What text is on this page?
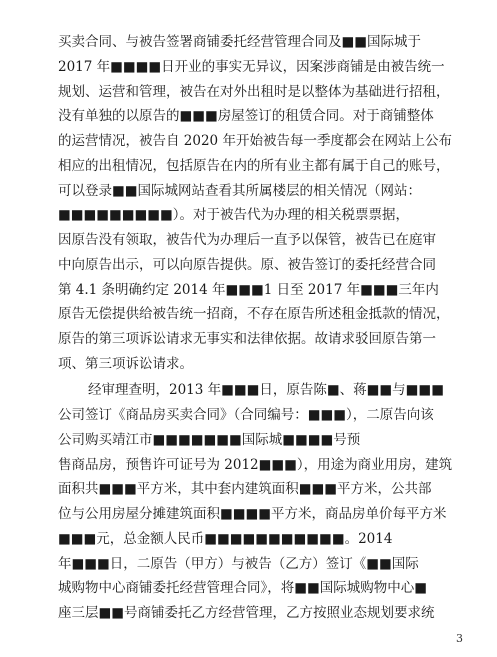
买卖合同、与被告签署商铺委托经营管理合同及■■国际城于
2017 年■■■■日开业的事实无异议，因案涉商铺是由被告统一
规划、运营和管理，被告在对外出租时是以整体为基础进行招租，
没有单独的以原告的■■■房屋签订的租赁合同。对于商铺整体
的运营情况，被告自 2020 年开始被告每一季度都会在网站上公布
相应的出租情况，包括原告在内的所有业主都有属于自己的账号，
可以登录■■国际城网站查看其所属楼层的相关情况（网站：
■■■■■■■■■）。对于被告代为办理的相关税票票据，
因原告没有领取，被告代为办理后一直予以保管，被告已在庭审
中向原告出示，可以向原告提供。原、被告签订的委托经营合同
第 4.1 条明确约定 2014 年■■■1 日至 2017 年■■■三年内
原告无偿提供给被告统一招商，不存在原告所述租金抵款的情况，
原告的第三项诉讼请求无事实和法律依据。故请求驳回原告第一
项、第三项诉讼请求。
经审理查明，2013 年■■■日，原告陈■、蒋■■与■■■
公司签订《商品房买卖合同》（合同编号：■■■），二原告向该
公司购买靖江市■■■■■■■国际城■■■■号预
售商品房，预售许可证号为 2012■■■），用途为商业用房，建筑
面积共■■■平方米，其中套内建筑面积■■■平方米，公共部
位与公用房屋分摊建筑面积■■■■平方米，商品房单价每平方米
■■■元，总金额人民币■■■■■■■■■■■。2014
年■■■日，二原告（甲方）与被告（乙方）签订《■■国际
城购物中心商铺委托经营管理合同》，将■■国际城购物中心■
座三层■■号商铺委托乙方经营管理，乙方按照业态规划要求统
3
